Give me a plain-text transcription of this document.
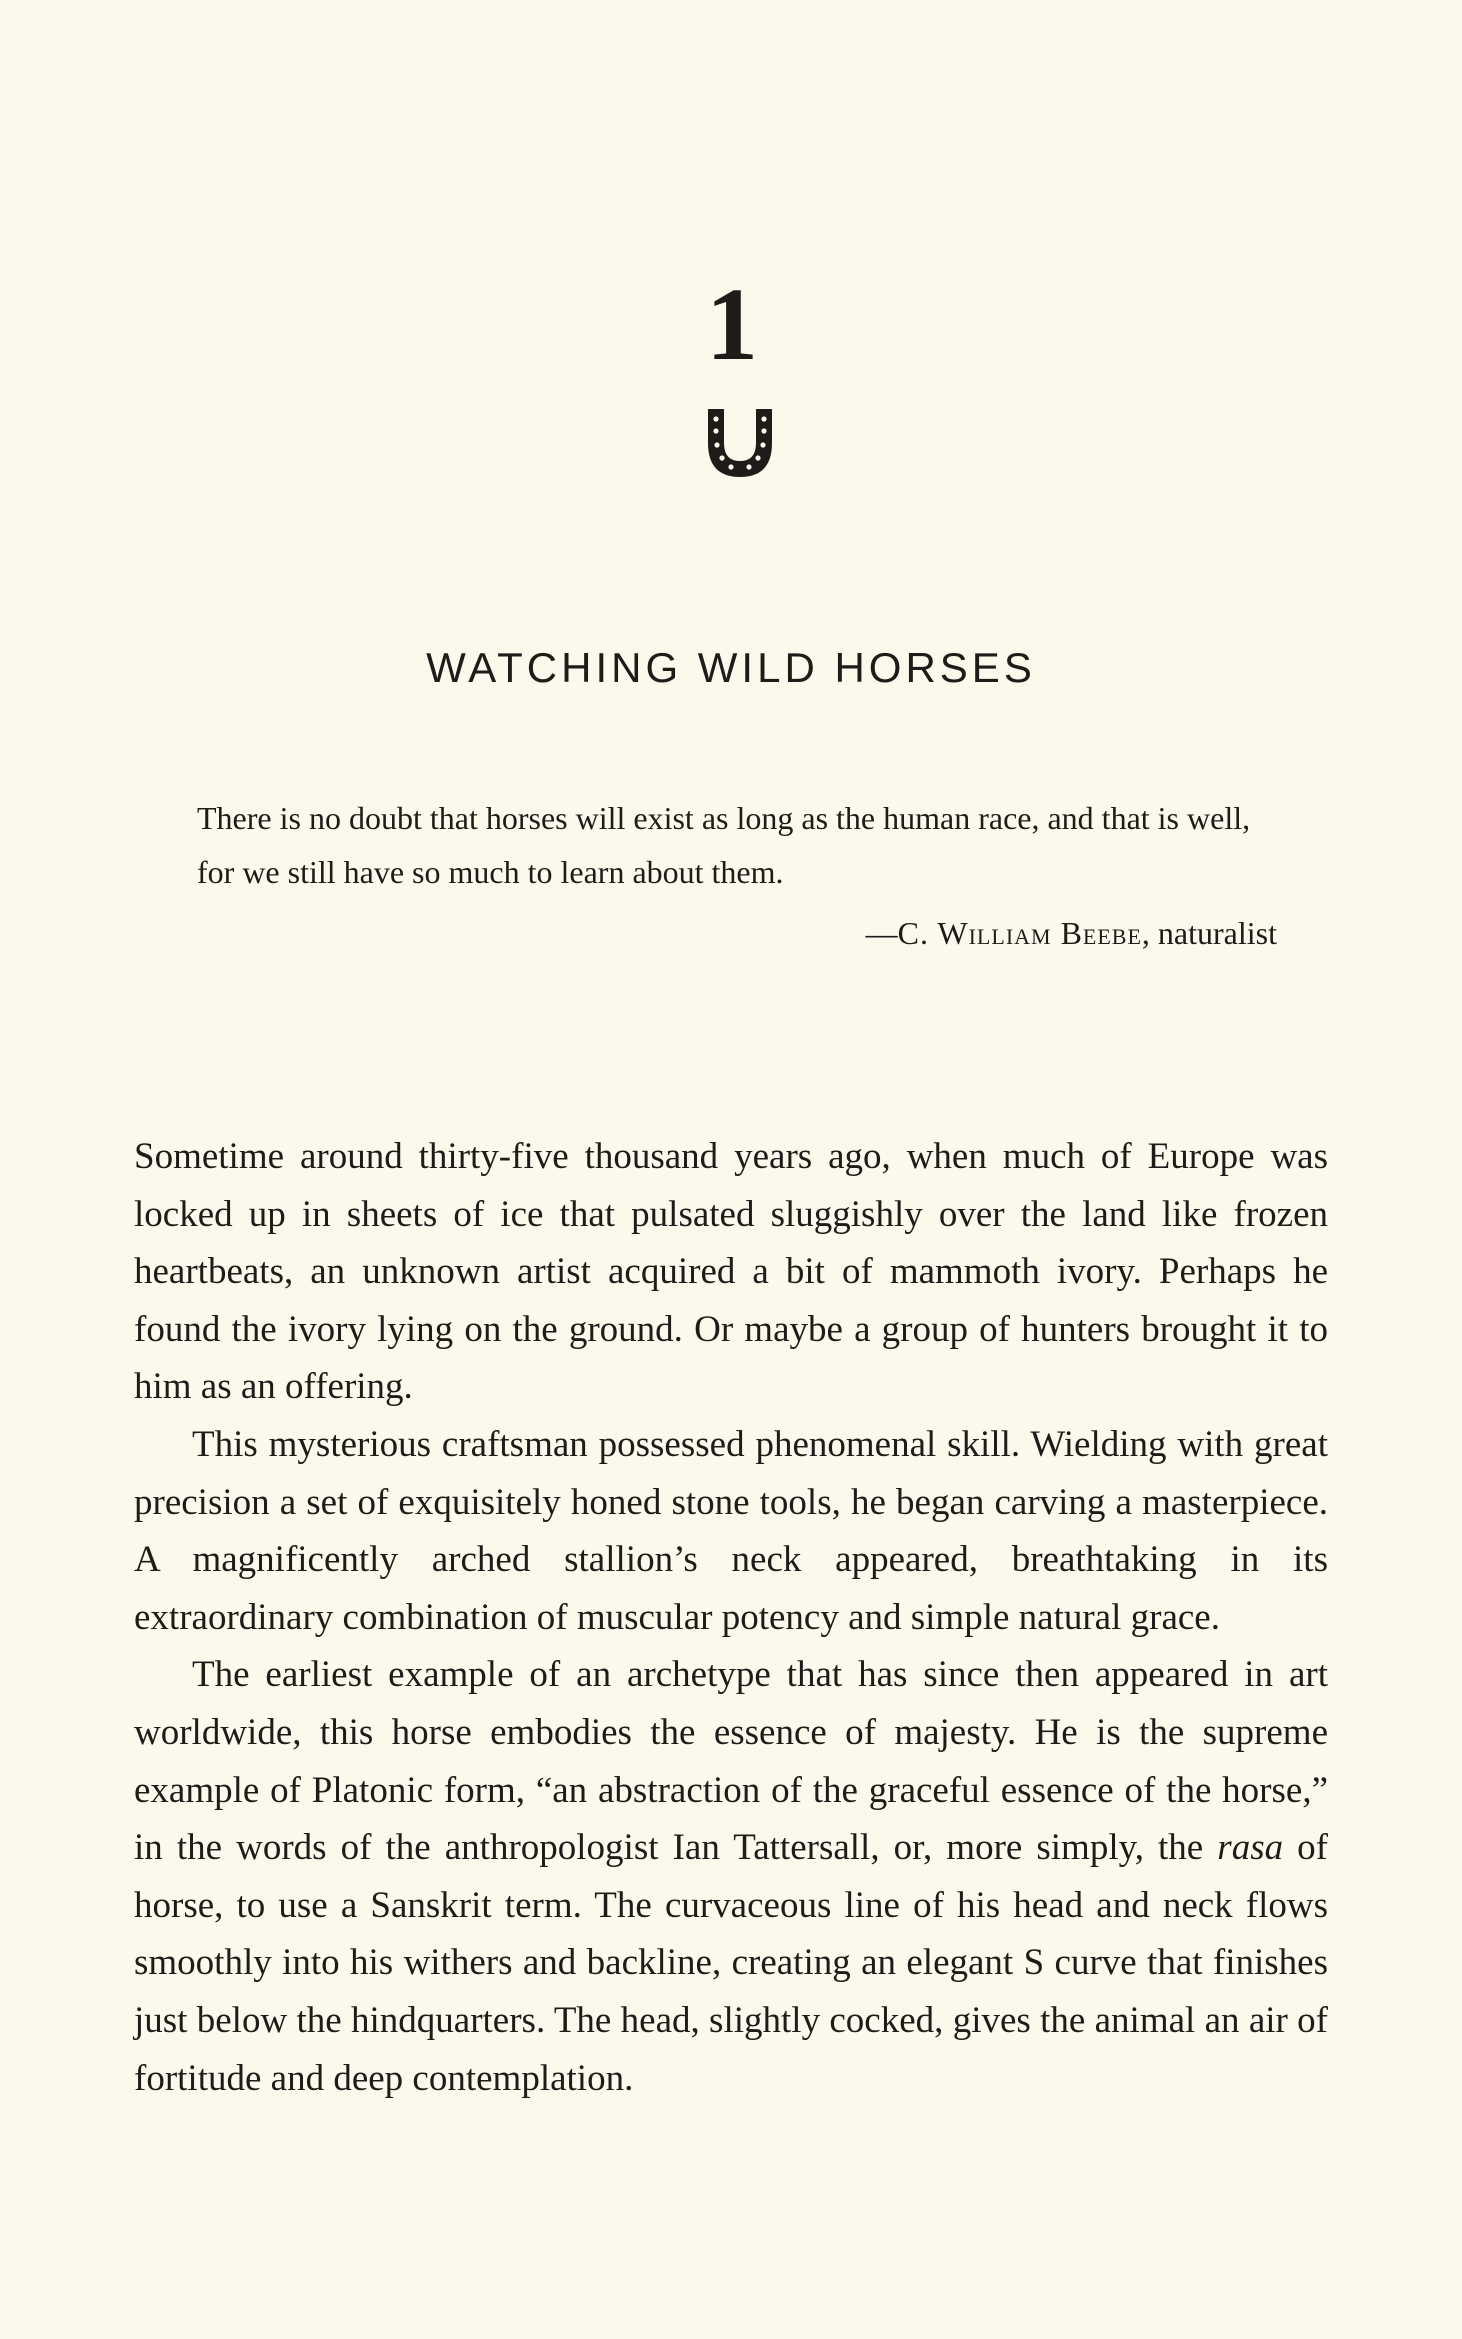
1
WATCHING WILD HORSES

There is no doubt that horses will exist as long as the human race, and that is well, for we still have so much to learn about them.

—C. William Beebe, naturalist

Sometime around thirty-five thousand years ago, when much of Europe was locked up in sheets of ice that pulsated sluggishly over the land like frozen heartbeats, an unknown artist acquired a bit of mammoth ivory. Perhaps he found the ivory lying on the ground. Or maybe a group of hunters brought it to him as an offering.

This mysterious craftsman possessed phenomenal skill. Wielding with great precision a set of exquisitely honed stone tools, he began carving a masterpiece. A magnificently arched stallion’s neck appeared, breathtaking in its extraordinary combination of muscular potency and simple natural grace.

The earliest example of an archetype that has since then appeared in art worldwide, this horse embodies the essence of majesty. He is the supreme example of Platonic form, “an abstraction of the graceful essence of the horse,” in the words of the anthropologist Ian Tattersall, or, more simply, the rasa of horse, to use a Sanskrit term. The curvaceous line of his head and neck flows smoothly into his withers and backline, creating an elegant S curve that finishes just below the hindquarters. The head, slightly cocked, gives the animal an air of fortitude and deep contemplation.
